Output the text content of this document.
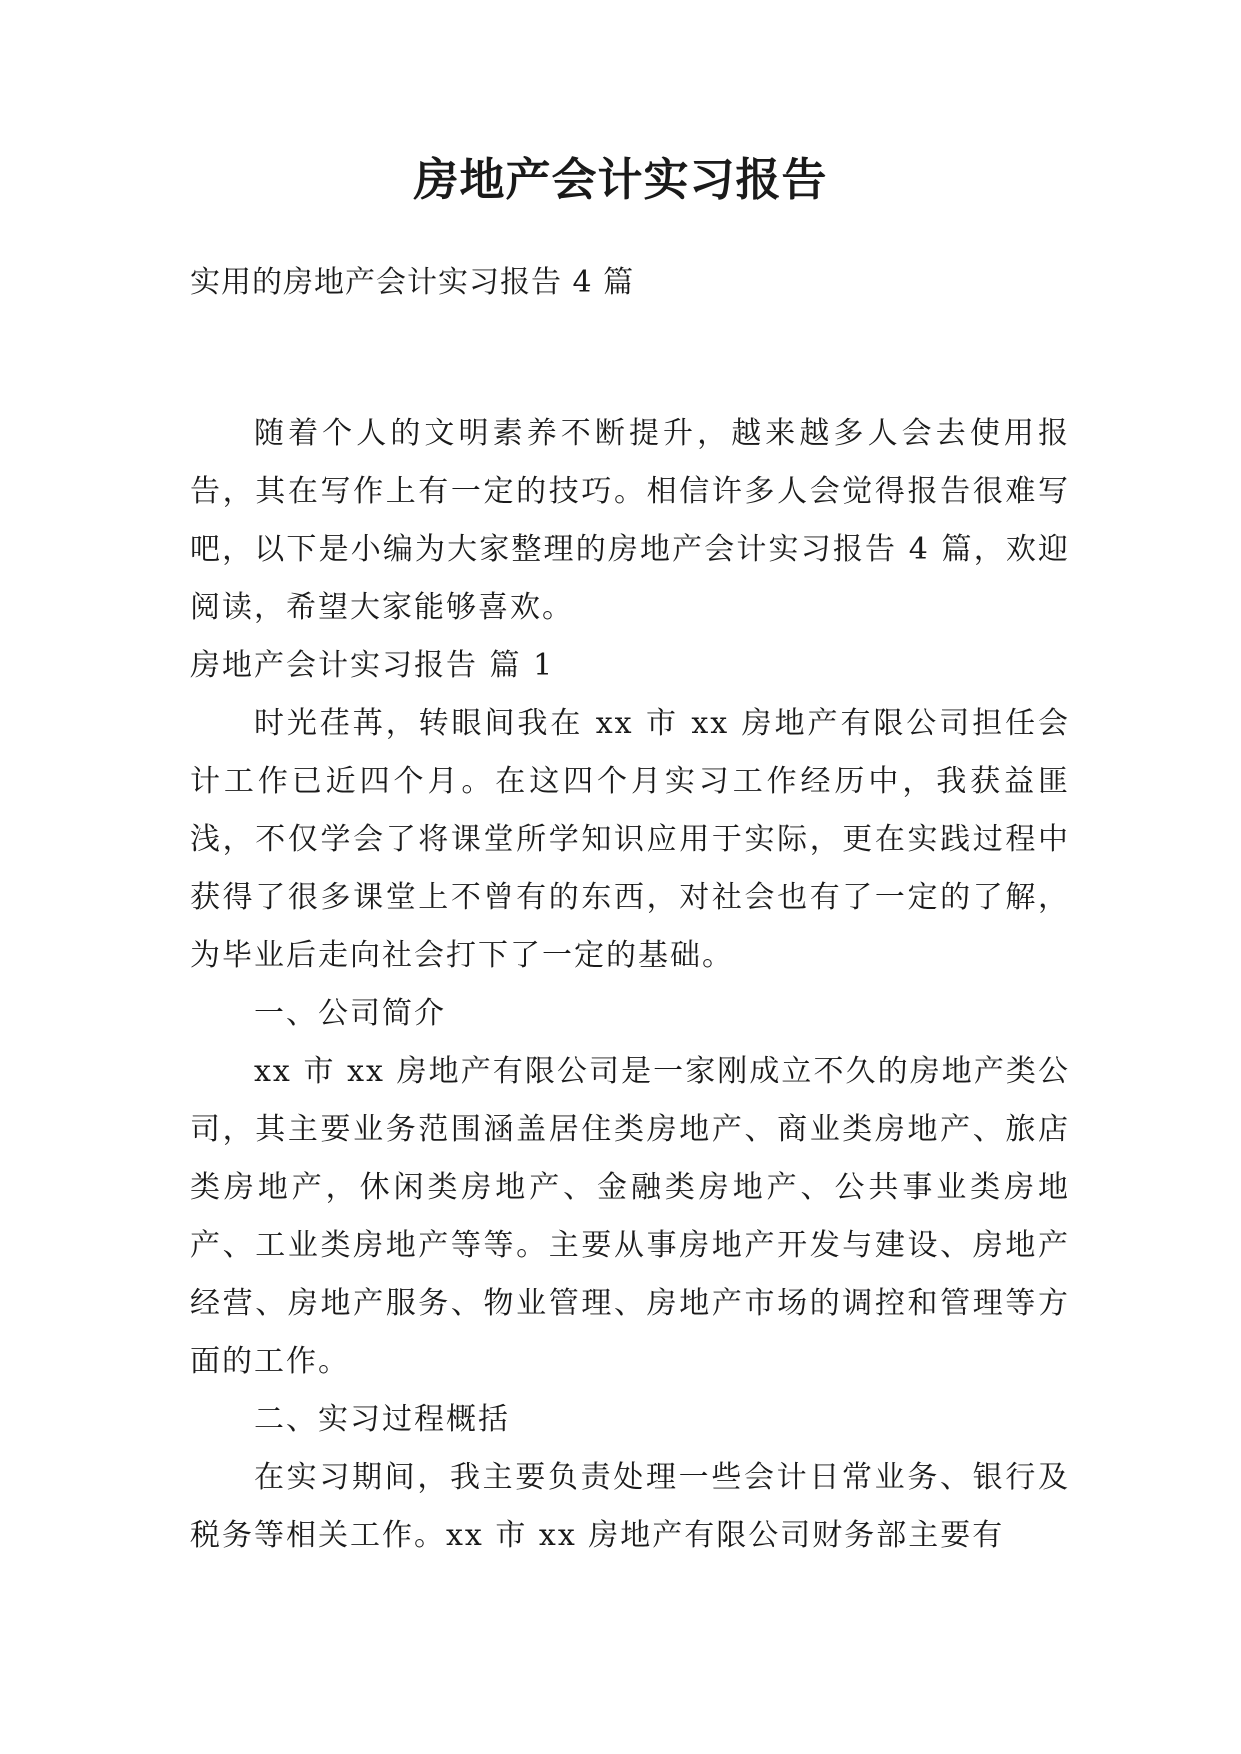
房地产会计实习报告
实用的房地产会计实习报告 4 篇

随着个人的文明素养不断提升，越来越多人会去使用报告，其在写作上有一定的技巧。相信许多人会觉得报告很难写吧，以下是小编为大家整理的房地产会计实习报告 4 篇，欢迎阅读，希望大家能够喜欢。

房地产会计实习报告 篇 1

时光荏苒，转眼间我在 xx 市 xx 房地产有限公司担任会计工作已近四个月。在这四个月实习工作经历中，我获益匪浅，不仅学会了将课堂所学知识应用于实际，更在实践过程中获得了很多课堂上不曾有的东西，对社会也有了一定的了解，为毕业后走向社会打下了一定的基础。

一、公司简介

xx 市 xx 房地产有限公司是一家刚成立不久的房地产类公司，其主要业务范围涵盖居住类房地产、商业类房地产、旅店类房地产，休闲类房地产、金融类房地产、公共事业类房地产、工业类房地产等等。主要从事房地产开发与建设、房地产经营、房地产服务、物业管理、房地产市场的调控和管理等方面的工作。

二、实习过程概括

在实习期间，我主要负责处理一些会计日常业务、银行及税务等相关工作。xx 市 xx 房地产有限公司财务部主要有
